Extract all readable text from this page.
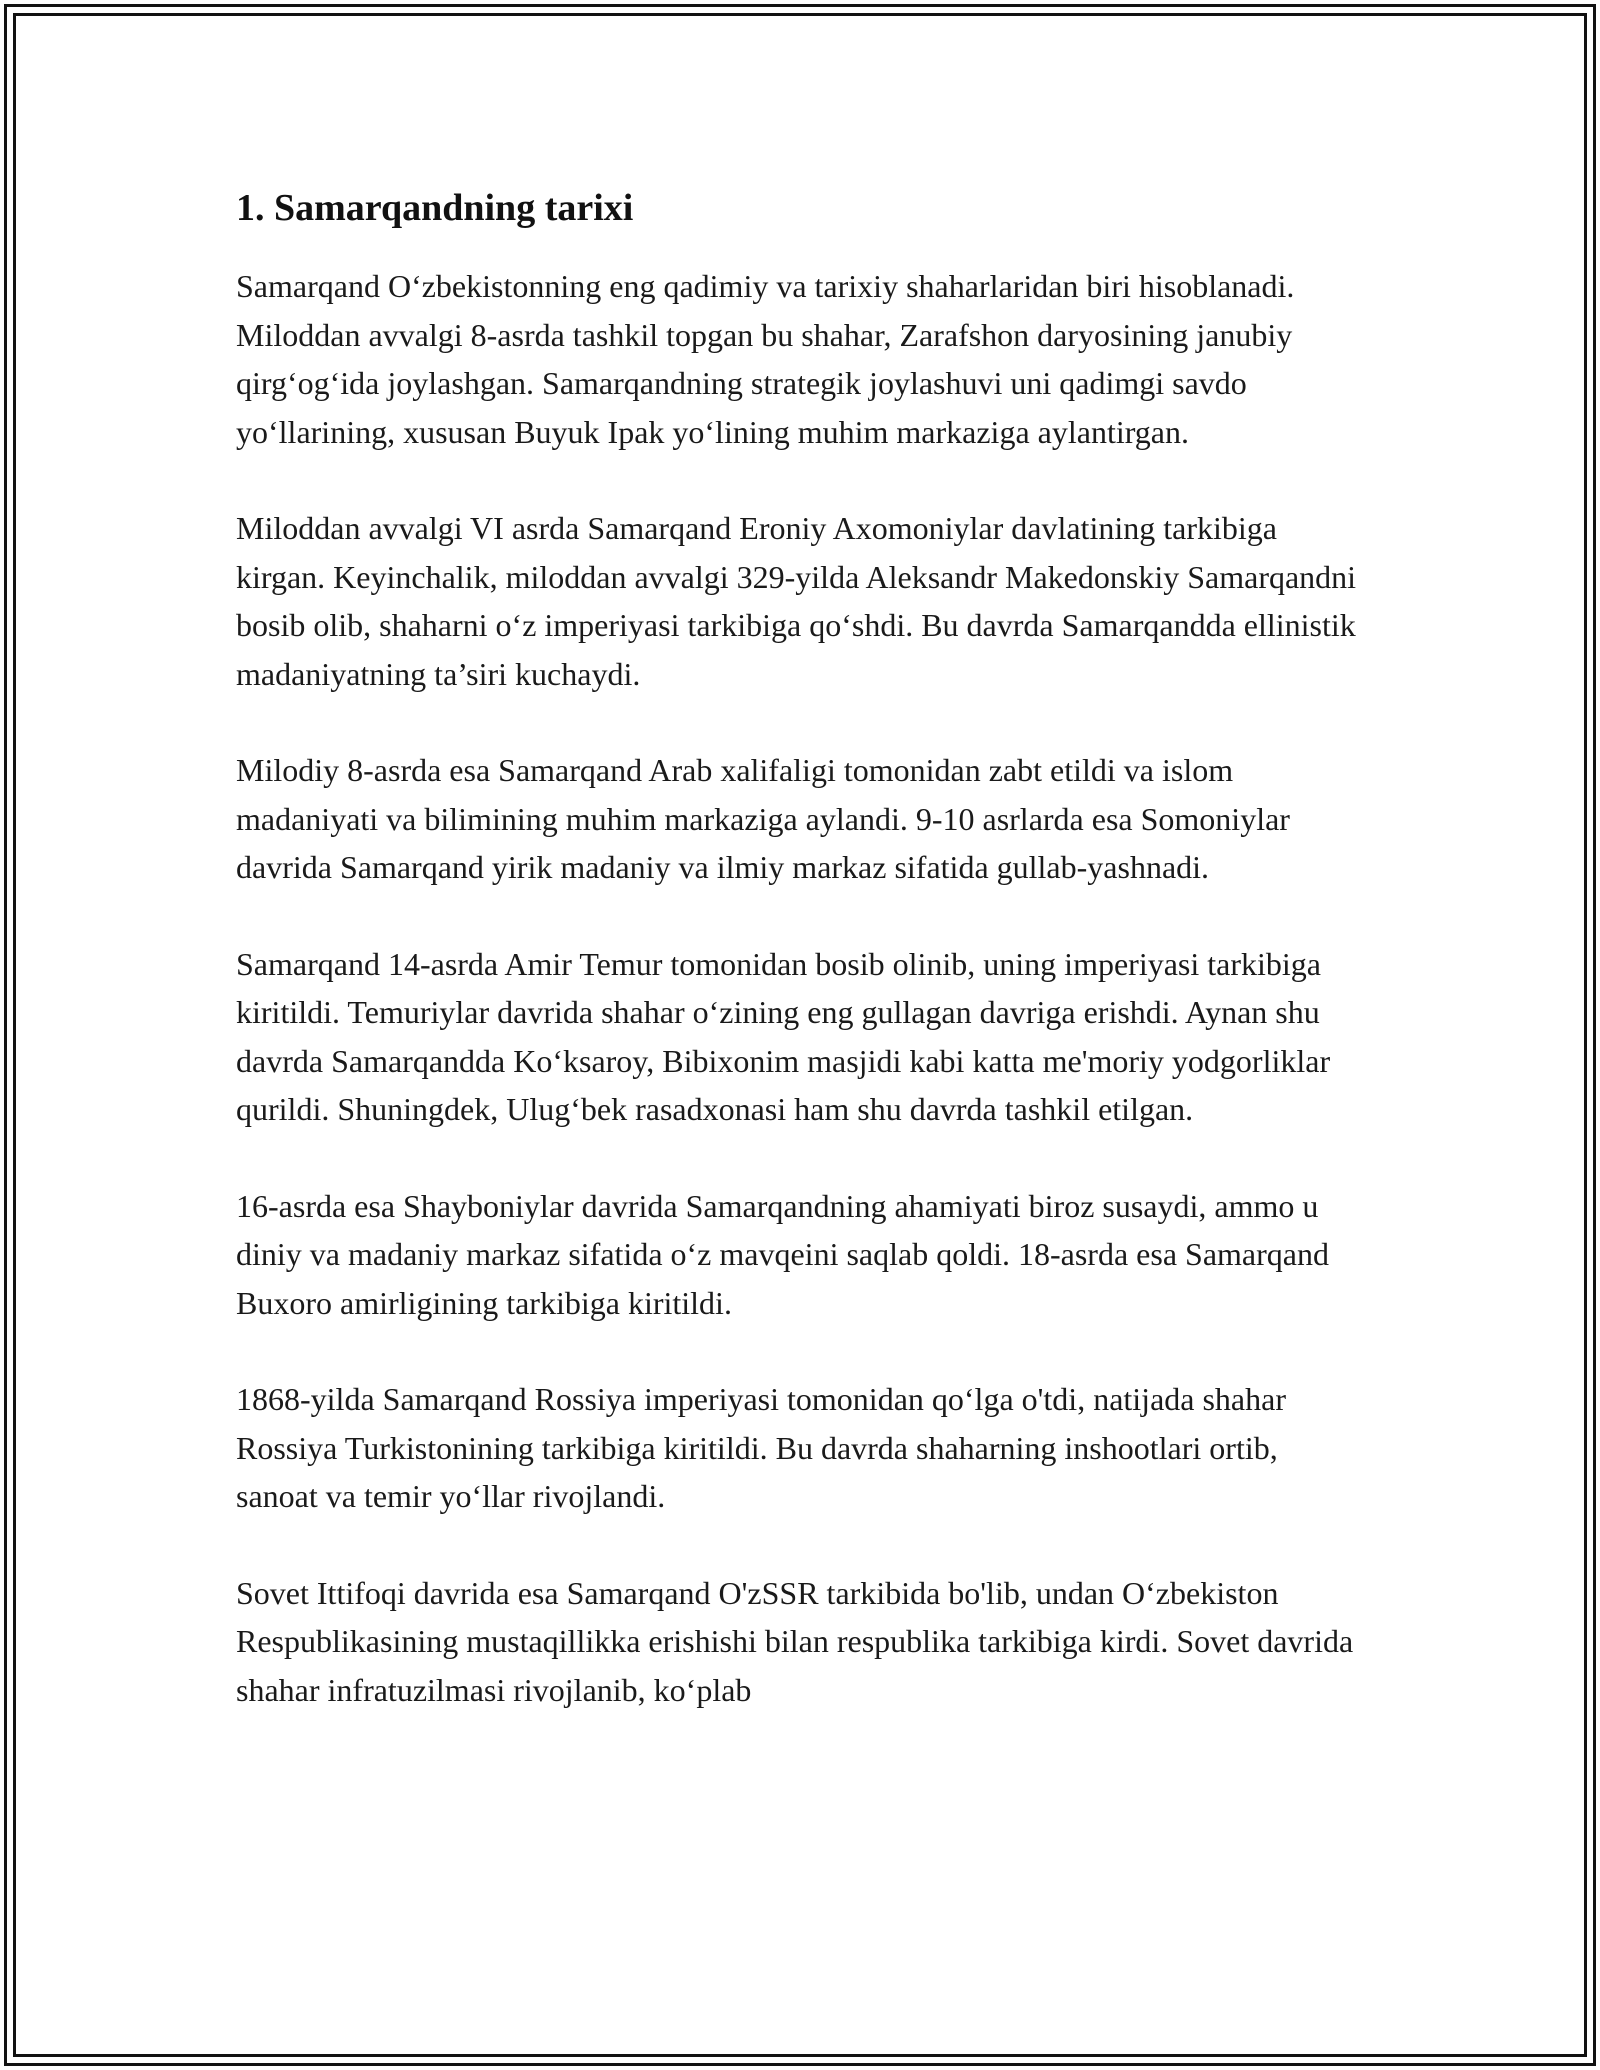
1. Samarqandning tarixi

Samarqand O‘zbekistonning eng qadimiy va tarixiy shaharlaridan biri hisoblanadi. Miloddan avvalgi 8-asrda tashkil topgan bu shahar, Zarafshon daryosining janubiy qirg‘og‘ida joylashgan. Samarqandning strategik joylashuvi uni qadimgi savdo yo‘llarining, xususan Buyuk Ipak yo‘lining muhim markaziga aylantirgan.

Miloddan avvalgi VI asrda Samarqand Eroniy Axomoniylar davlatining tarkibiga kirgan. Keyinchalik, miloddan avvalgi 329-yilda Aleksandr Makedonskiy Samarqandni bosib olib, shaharni o‘z imperiyasi tarkibiga qo‘shdi. Bu davrda Samarqandda ellinistik madaniyatning ta’siri kuchaydi.

Milodiy 8-asrda esa Samarqand Arab xalifaligi tomonidan zabt etildi va islom madaniyati va bilimining muhim markaziga aylandi. 9-10 asrlarda esa Somoniylar davrida Samarqand yirik madaniy va ilmiy markaz sifatida gullab-yashnadi.

Samarqand 14-asrda Amir Temur tomonidan bosib olinib, uning imperiyasi tarkibiga kiritildi. Temuriylar davrida shahar o‘zining eng gullagan davriga erishdi. Aynan shu davrda Samarqandda Ko‘ksaroy, Bibixonim masjidi kabi katta me'moriy yodgorliklar qurildi. Shuningdek, Ulug‘bek rasadxonasi ham shu davrda tashkil etilgan.

16-asrda esa Shayboniylar davrida Samarqandning ahamiyati biroz susaydi, ammo u diniy va madaniy markaz sifatida o‘z mavqeini saqlab qoldi. 18-asrda esa Samarqand Buxoro amirligining tarkibiga kiritildi.

1868-yilda Samarqand Rossiya imperiyasi tomonidan qo‘lga o'tdi, natijada shahar Rossiya Turkistonining tarkibiga kiritildi. Bu davrda shaharning inshootlari ortib, sanoat va temir yo‘llar rivojlandi.

Sovet Ittifoqi davrida esa Samarqand O'zSSR tarkibida bo'lib, undan O‘zbekiston Respublikasining mustaqillikka erishishi bilan respublika tarkibiga kirdi. Sovet davrida shahar infratuzilmasi rivojlanib, ko‘plab
